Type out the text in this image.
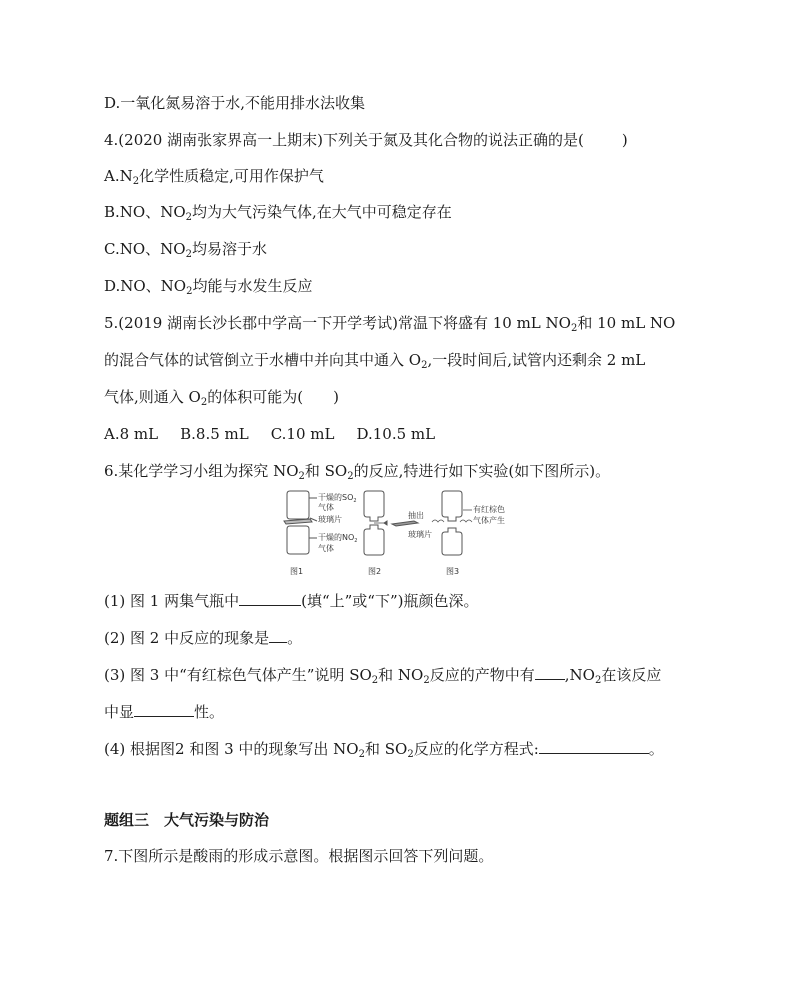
D.一氧化氮易溶于水,不能用排水法收集
4.(2020 湖南张家界高一上期末)下列关于氮及其化合物的说法正确的是(	)
$A.N_2$化学性质稳定,可用作保护气
B.NO、$NO_2$均为大气污染气体,在大气中可稳定存在
C.NO、$NO_2$均易溶于水
D.NO、$NO_2$均能与水发生反应
5.(2019 湖南长沙长郡中学高一下开学考试)常温下将盛有 10 mL $NO_2$和 10 mL NO
的混合气体的试管倒立于水槽中并向其中通入 $O_2$,一段时间后,试管内还剩余 2 mL
气体,则通入 $O_2$的体积可能为( )
A.8 mL B.8.5 mL C.10 mL D.10.5 mL
6.某化学学习小组为探究 $NO_2$和 $SO_2$的反应,特进行如下实验(如下图所示)。
干燥的$SO_2$
气体
玻璃片
干燥的$NO_2$
气体
抽出
玻璃片
有红棕色
气体产生
图1	图2	图3
(1) 图 1 两集气瓶中	(填“上”或“下”)瓶颜色深。
(2) 图 2 中反应的现象是 。
(3) 图 3 中“有红棕色气体产生”说明 $SO_2$和 $NO_2$反应的产物中有 $,NO_2$在该反应
中显	性。
(4) 根据图2 和图 3 中的现象写出 $NO_2$和 $SO_2$反应的化学方程式:	。
题组三　大气污染与防治
7.下图所示是酸雨的形成示意图。根据图示回答下列问题。
